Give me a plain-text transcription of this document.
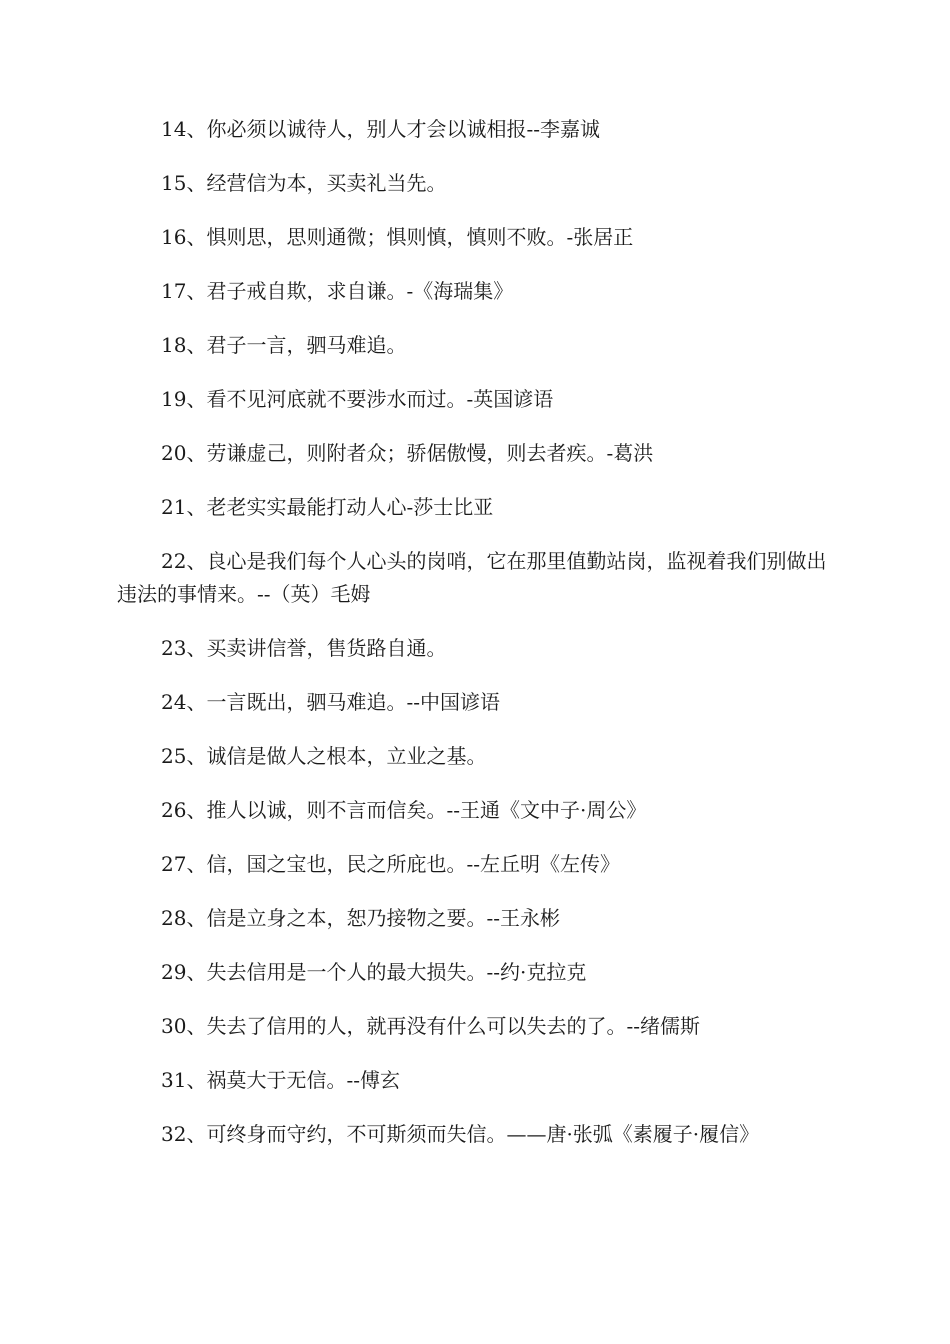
14、你必须以诚待人，别人才会以诚相报--李嘉诚

15、经营信为本，买卖礼当先。

16、惧则思，思则通微；惧则慎，慎则不败。-张居正

17、君子戒自欺，求自谦。-《海瑞集》

18、君子一言，驷马难追。

19、看不见河底就不要涉水而过。-英国谚语

20、劳谦虚己，则附者众；骄倨傲慢，则去者疾。-葛洪

21、老老实实最能打动人心-莎士比亚

22、良心是我们每个人心头的岗哨，它在那里值勤站岗，监视着我们别做出违法的事情来。--（英）毛姆

23、买卖讲信誉，售货路自通。

24、一言既出，驷马难追。--中国谚语

25、诚信是做人之根本，立业之基。

26、推人以诚，则不言而信矣。--王通《文中子·周公》

27、信，国之宝也，民之所庇也。--左丘明《左传》

28、信是立身之本，恕乃接物之要。--王永彬

29、失去信用是一个人的最大损失。--约·克拉克

30、失去了信用的人，就再没有什么可以失去的了。--绪儒斯

31、祸莫大于无信。--傅玄

32、可终身而守约，不可斯须而失信。——唐·张弧《素履子·履信》
